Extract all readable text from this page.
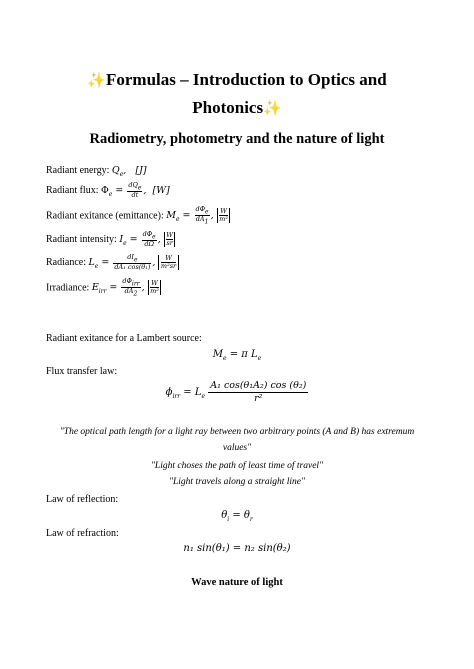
✨Formulas – Introduction to Optics and
Photonics✨
Radiometry, photometry and the nature of light
Radiant energy: $Q_e$,   [J]
Radiant flux: $\Phi_e = \frac{dQ_e}{dt}$ ,  [W]
Radiant exitance (emittance): $M_e = \frac{d\Phi_e}{dA_1}$ , $\frac{W}{\text{m²}}$
Radiant intensity: $I_e = \frac{d\Phi_e}{d\Omega}$ , $\frac{W}{sr}$
Radiance: $L_e = \frac{dI_e}{\text{dA₁ cos(θ₁)}}$ , $\frac{W}{\text{m²sr}}$
Irradiance: $E_{irr} = \frac{d\Phi_{irr}}{dA_2}$ , $\frac{W}{\text{m²}}$
Radiant exitance for a Lambert source:
$M_e = \pi$ $L_e$
Flux transfer law:
$\phi_{irr} = L_e \frac{\text{A₁ cos(θ₁A₂) cos (θ₂)}}{\text{r²}}$
"The optical path length for a light ray between two arbitrary points (A and B) has extremum
values"
"Light choses the path of least time of travel"
"Light travels along a straight line"
Law of reflection:
$\theta_i = \theta_r$
Law of refraction:
n₁ sin(θ₁) = n₂ sin(θ₂)
Wave nature of light
